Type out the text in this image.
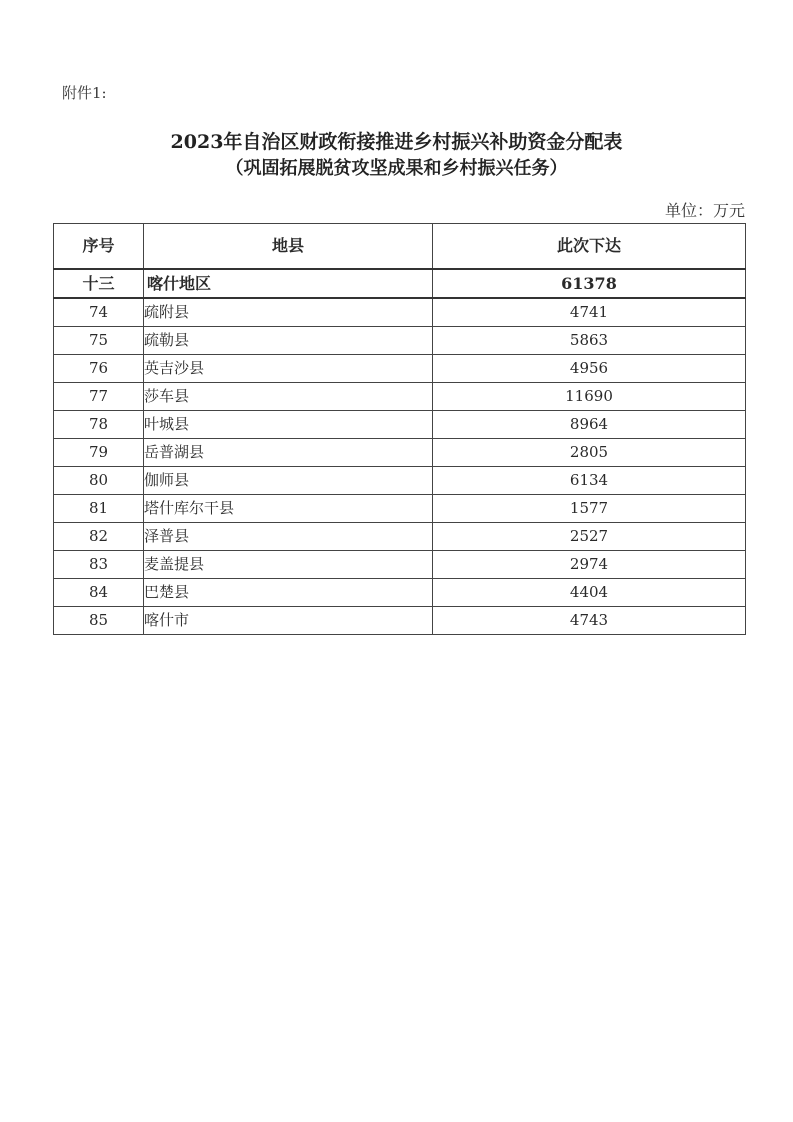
附件1:
2023年自治区财政衔接推进乡村振兴补助资金分配表
（巩固拓展脱贫攻坚成果和乡村振兴任务）
单位：万元
序号	地县	此次下达
十三	喀什地区	61378
74	疏附县	4741
75	疏勒县	5863
76	英吉沙县	4956
77	莎车县	11690
78	叶城县	8964
79	岳普湖县	2805
80	伽师县	6134
81	塔什库尔干县	1577
82	泽普县	2527
83	麦盖提县	2974
84	巴楚县	4404
85	喀什市	4743
